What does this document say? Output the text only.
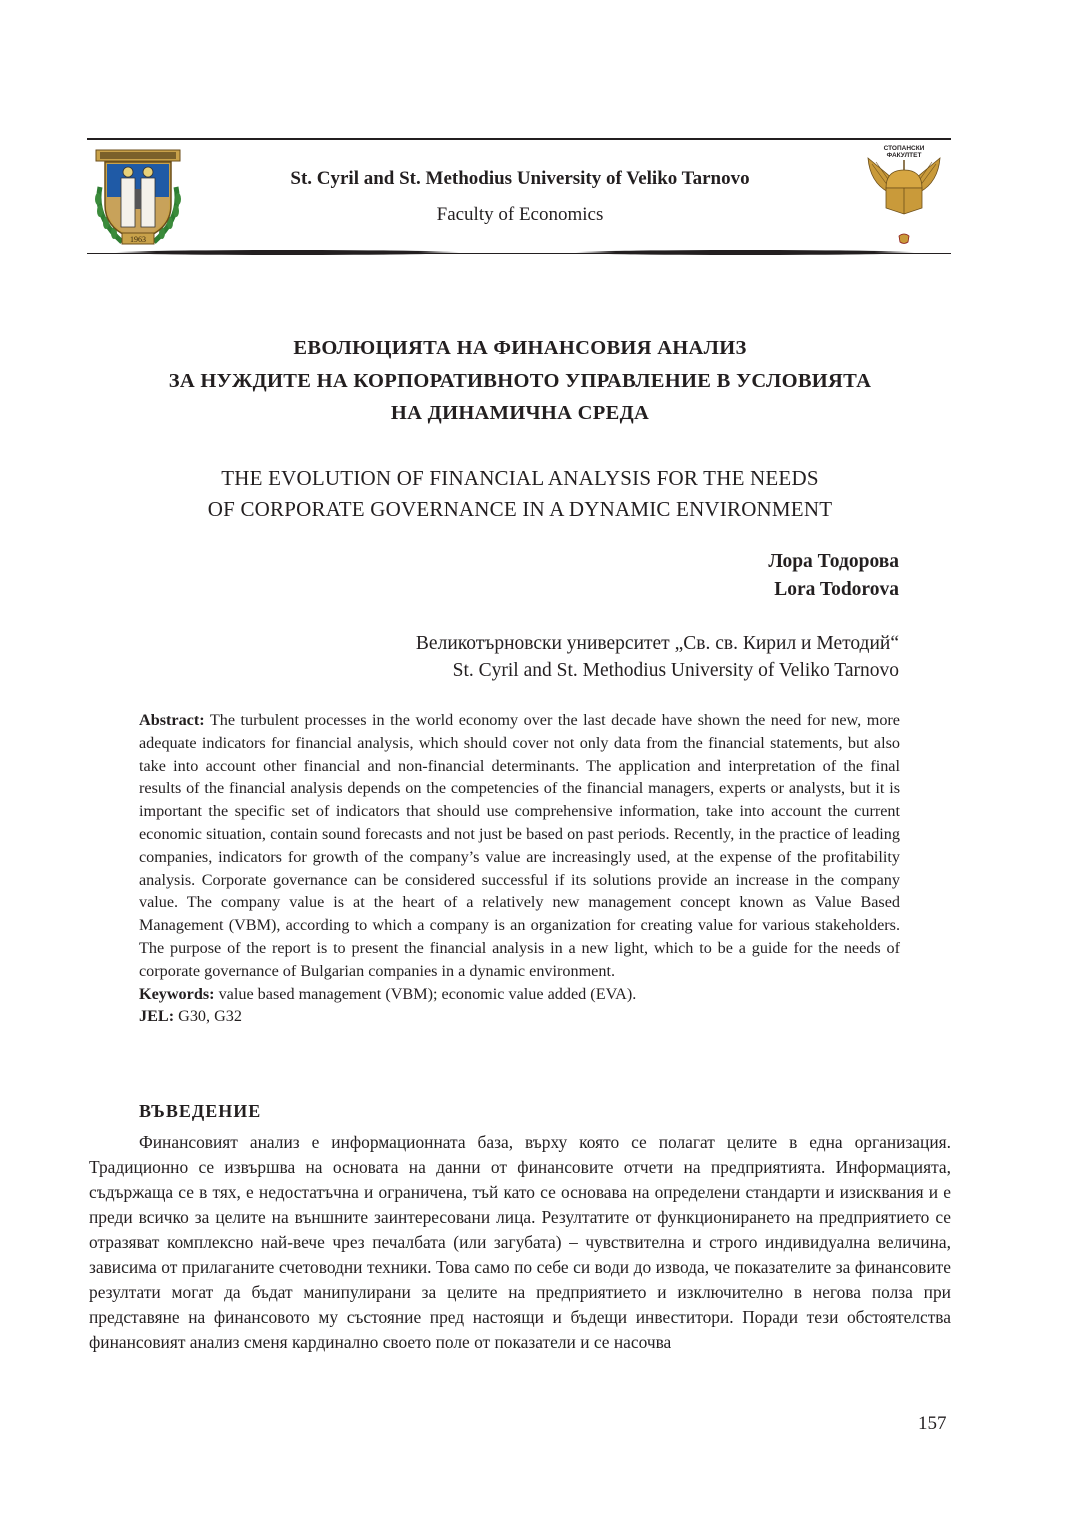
1963
St. Cyril and St. Methodius University of Veliko Tarnovo
Faculty of Economics
СТОПАНСКИ
ФАКУЛТЕТ
ЕВОЛЮЦИЯТА НА ФИНАНСОВИЯ АНАЛИЗ
ЗА НУЖДИТЕ НА КОРПОРАТИВНОТО УПРАВЛЕНИЕ В УСЛОВИЯТА
НА ДИНАМИЧНА СРЕДА
THE EVOLUTION OF FINANCIAL ANALYSIS FOR THE NEEDS
OF CORPORATE GOVERNANCE IN A DYNAMIC ENVIRONMENT
Лора Тодорова
Lora Todorova
Великотърновски университет „Св. св. Кирил и Методий“
St. Cyril and St. Methodius University of Veliko Tarnovo
Abstract: The turbulent processes in the world economy over the last decade have shown the need for new, more adequate indicators for financial analysis, which should cover not only data from the financial statements, but also take into account other financial and non-financial determinants. The application and interpretation of the final results of the financial analysis depends on the competencies of the financial managers, experts or analysts, but it is important the specific set of indicators that should use comprehensive information, take into account the current economic situation, contain sound forecasts and not just be based on past periods. Recently, in the practice of leading companies, indicators for growth of the company’s value are increasingly used, at the expense of the profitability analysis. Corporate governance can be considered successful if its solutions provide an increase in the company value. The company value is at the heart of a relatively new management concept known as Value Based Management (VBM), according to which a company is an organization for creating value for various stakeholders. The purpose of the report is to present the financial analysis in a new light, which to be a guide for the needs of corporate governance of Bulgarian companies in a dynamic environment.
Keywords: value based management (VBM); economic value added (EVA).
JEL: G30, G32
ВЪВЕДЕНИЕ
Финансовият анализ е информационната база, върху която се полагат целите в една организация. Традиционно се извършва на основата на данни от финансовите отчети на предприятията. Информацията, съдържаща се в тях, е недостатъчна и ограничена, тъй като се основава на определени стандарти и изисквания и е преди всичко за целите на външните заинтересовани лица. Резултатите от функционирането на предприятието се отразяват комплексно най-вече чрез печалбата (или загубата) – чувствителна и строго индивидуална величина, зависима от прилаганите счетоводни техники. Това само по себе си води до извода, че показателите за финансовите резултати могат да бъдат манипулирани за целите на предприятието и изключително в негова полза при представяне на финансовото му състояние пред настоящи и бъдещи инвеститори. Поради тези обстоятелства финансовият анализ сменя кардинално своето поле от показатели и се насочва
157
